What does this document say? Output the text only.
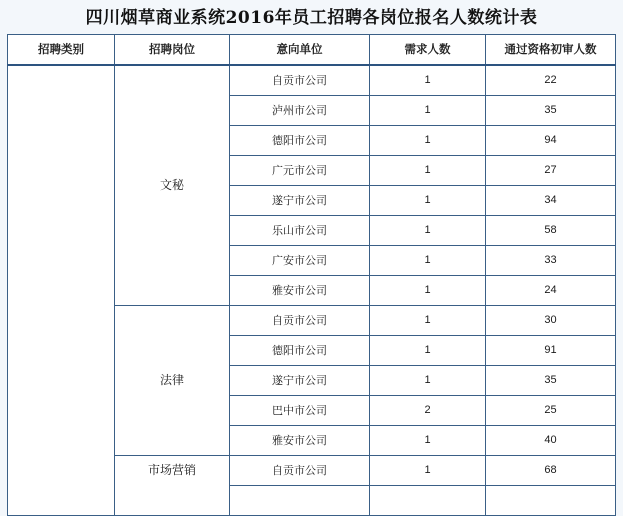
四川烟草商业系统2016年员工招聘各岗位报名人数统计表
招聘类别	招聘岗位	意向单位	需求人数	通过资格初审人数
	文秘	自贡市公司	1	22
		泸州市公司	1	35
		德阳市公司	1	94
		广元市公司	1	27
		遂宁市公司	1	34
		乐山市公司	1	58
		广安市公司	1	33
		雅安市公司	1	24
	法律	自贡市公司	1	30
		德阳市公司	1	91
		遂宁市公司	1	35
		巴中市公司	2	25
		雅安市公司	1	40
	市场营销	自贡市公司	1	68
